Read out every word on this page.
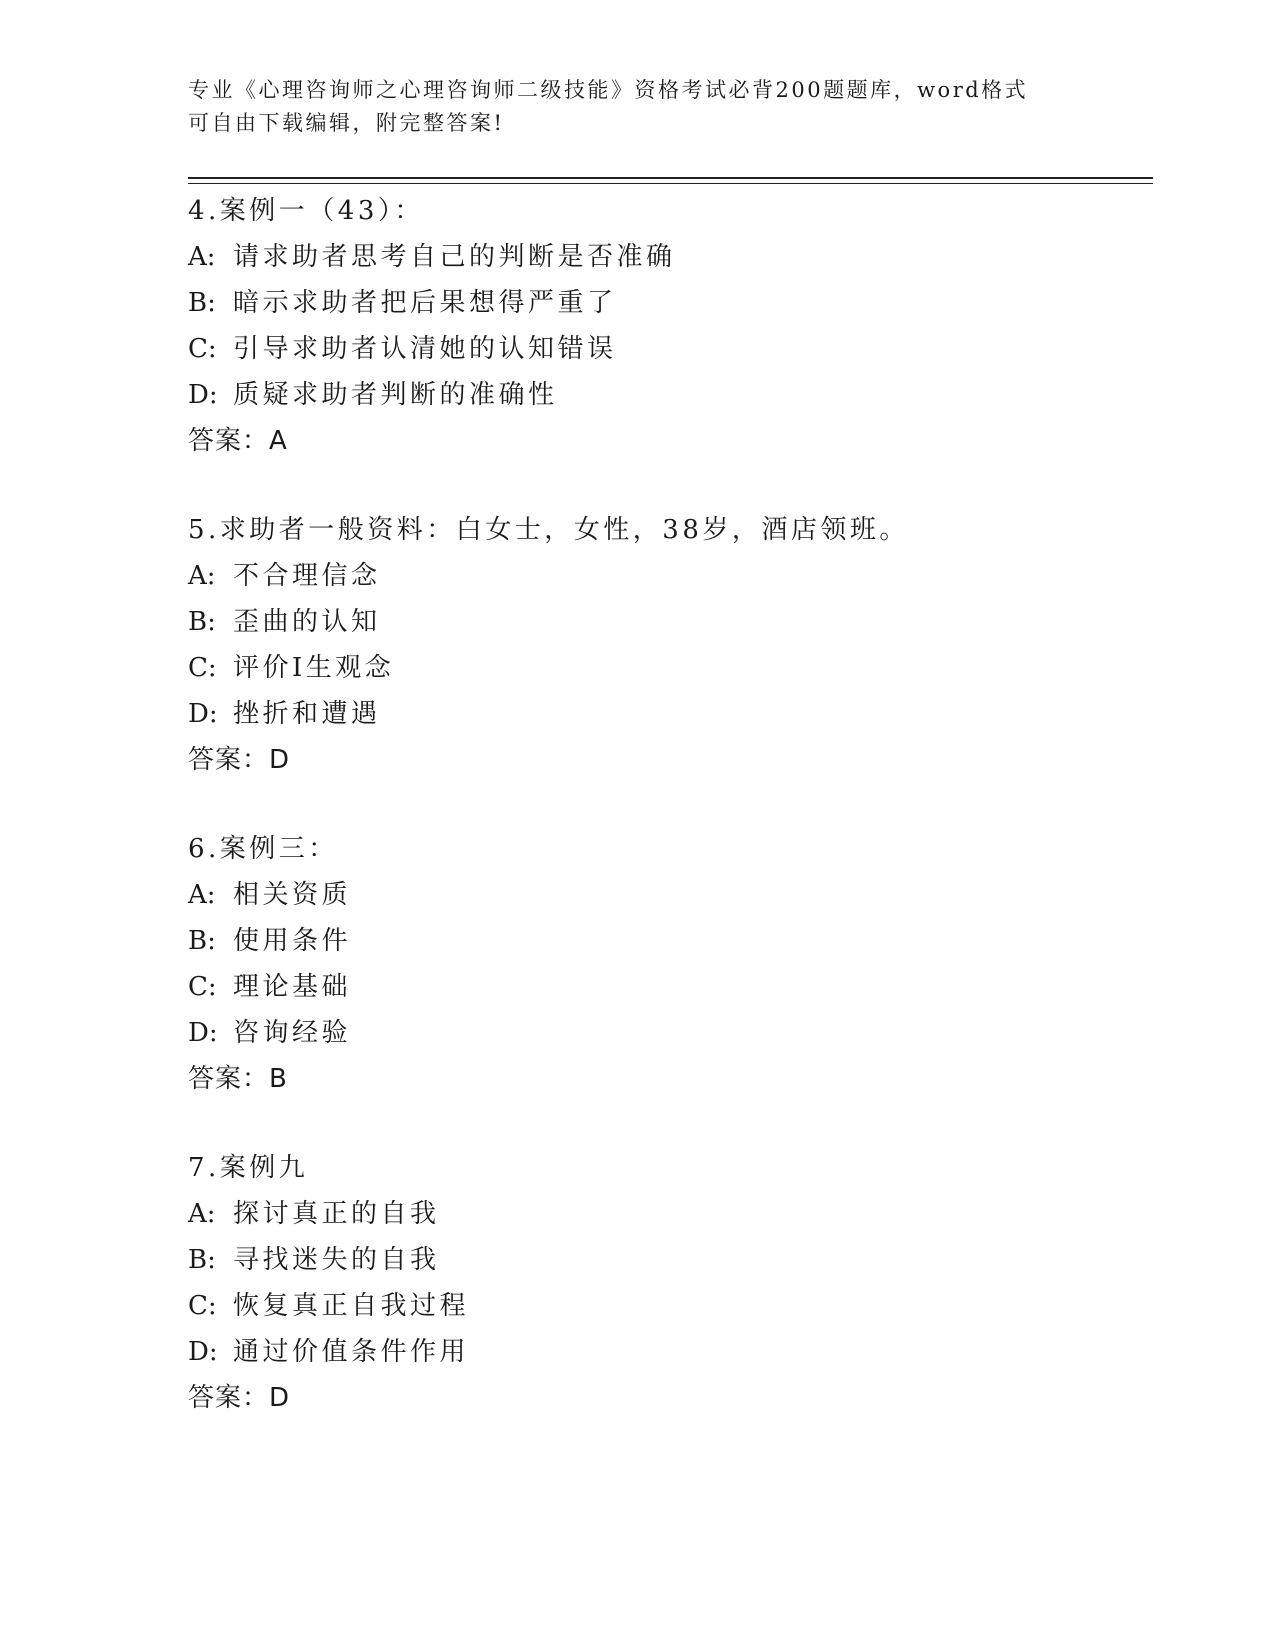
专业《心理咨询师之心理咨询师二级技能》资格考试必背200题题库，word格式
可自由下载编辑，附完整答案!
4.案例一（43）：
A: 请求助者思考自己的判断是否准确
B: 暗示求助者把后果想得严重了
C: 引导求助者认清她的认知错误
D: 质疑求助者判断的准确性
答案：A
5.求助者一般资料：白女士，女性，38岁，酒店领班。
A: 不合理信念
B: 歪曲的认知
C: 评价I生观念
D: 挫折和遭遇
答案：D
6.案例三：
A: 相关资质
B: 使用条件
C: 理论基础
D: 咨询经验
答案：B
7.案例九
A: 探讨真正的自我
B: 寻找迷失的自我
C: 恢复真正自我过程
D: 通过价值条件作用
答案：D
